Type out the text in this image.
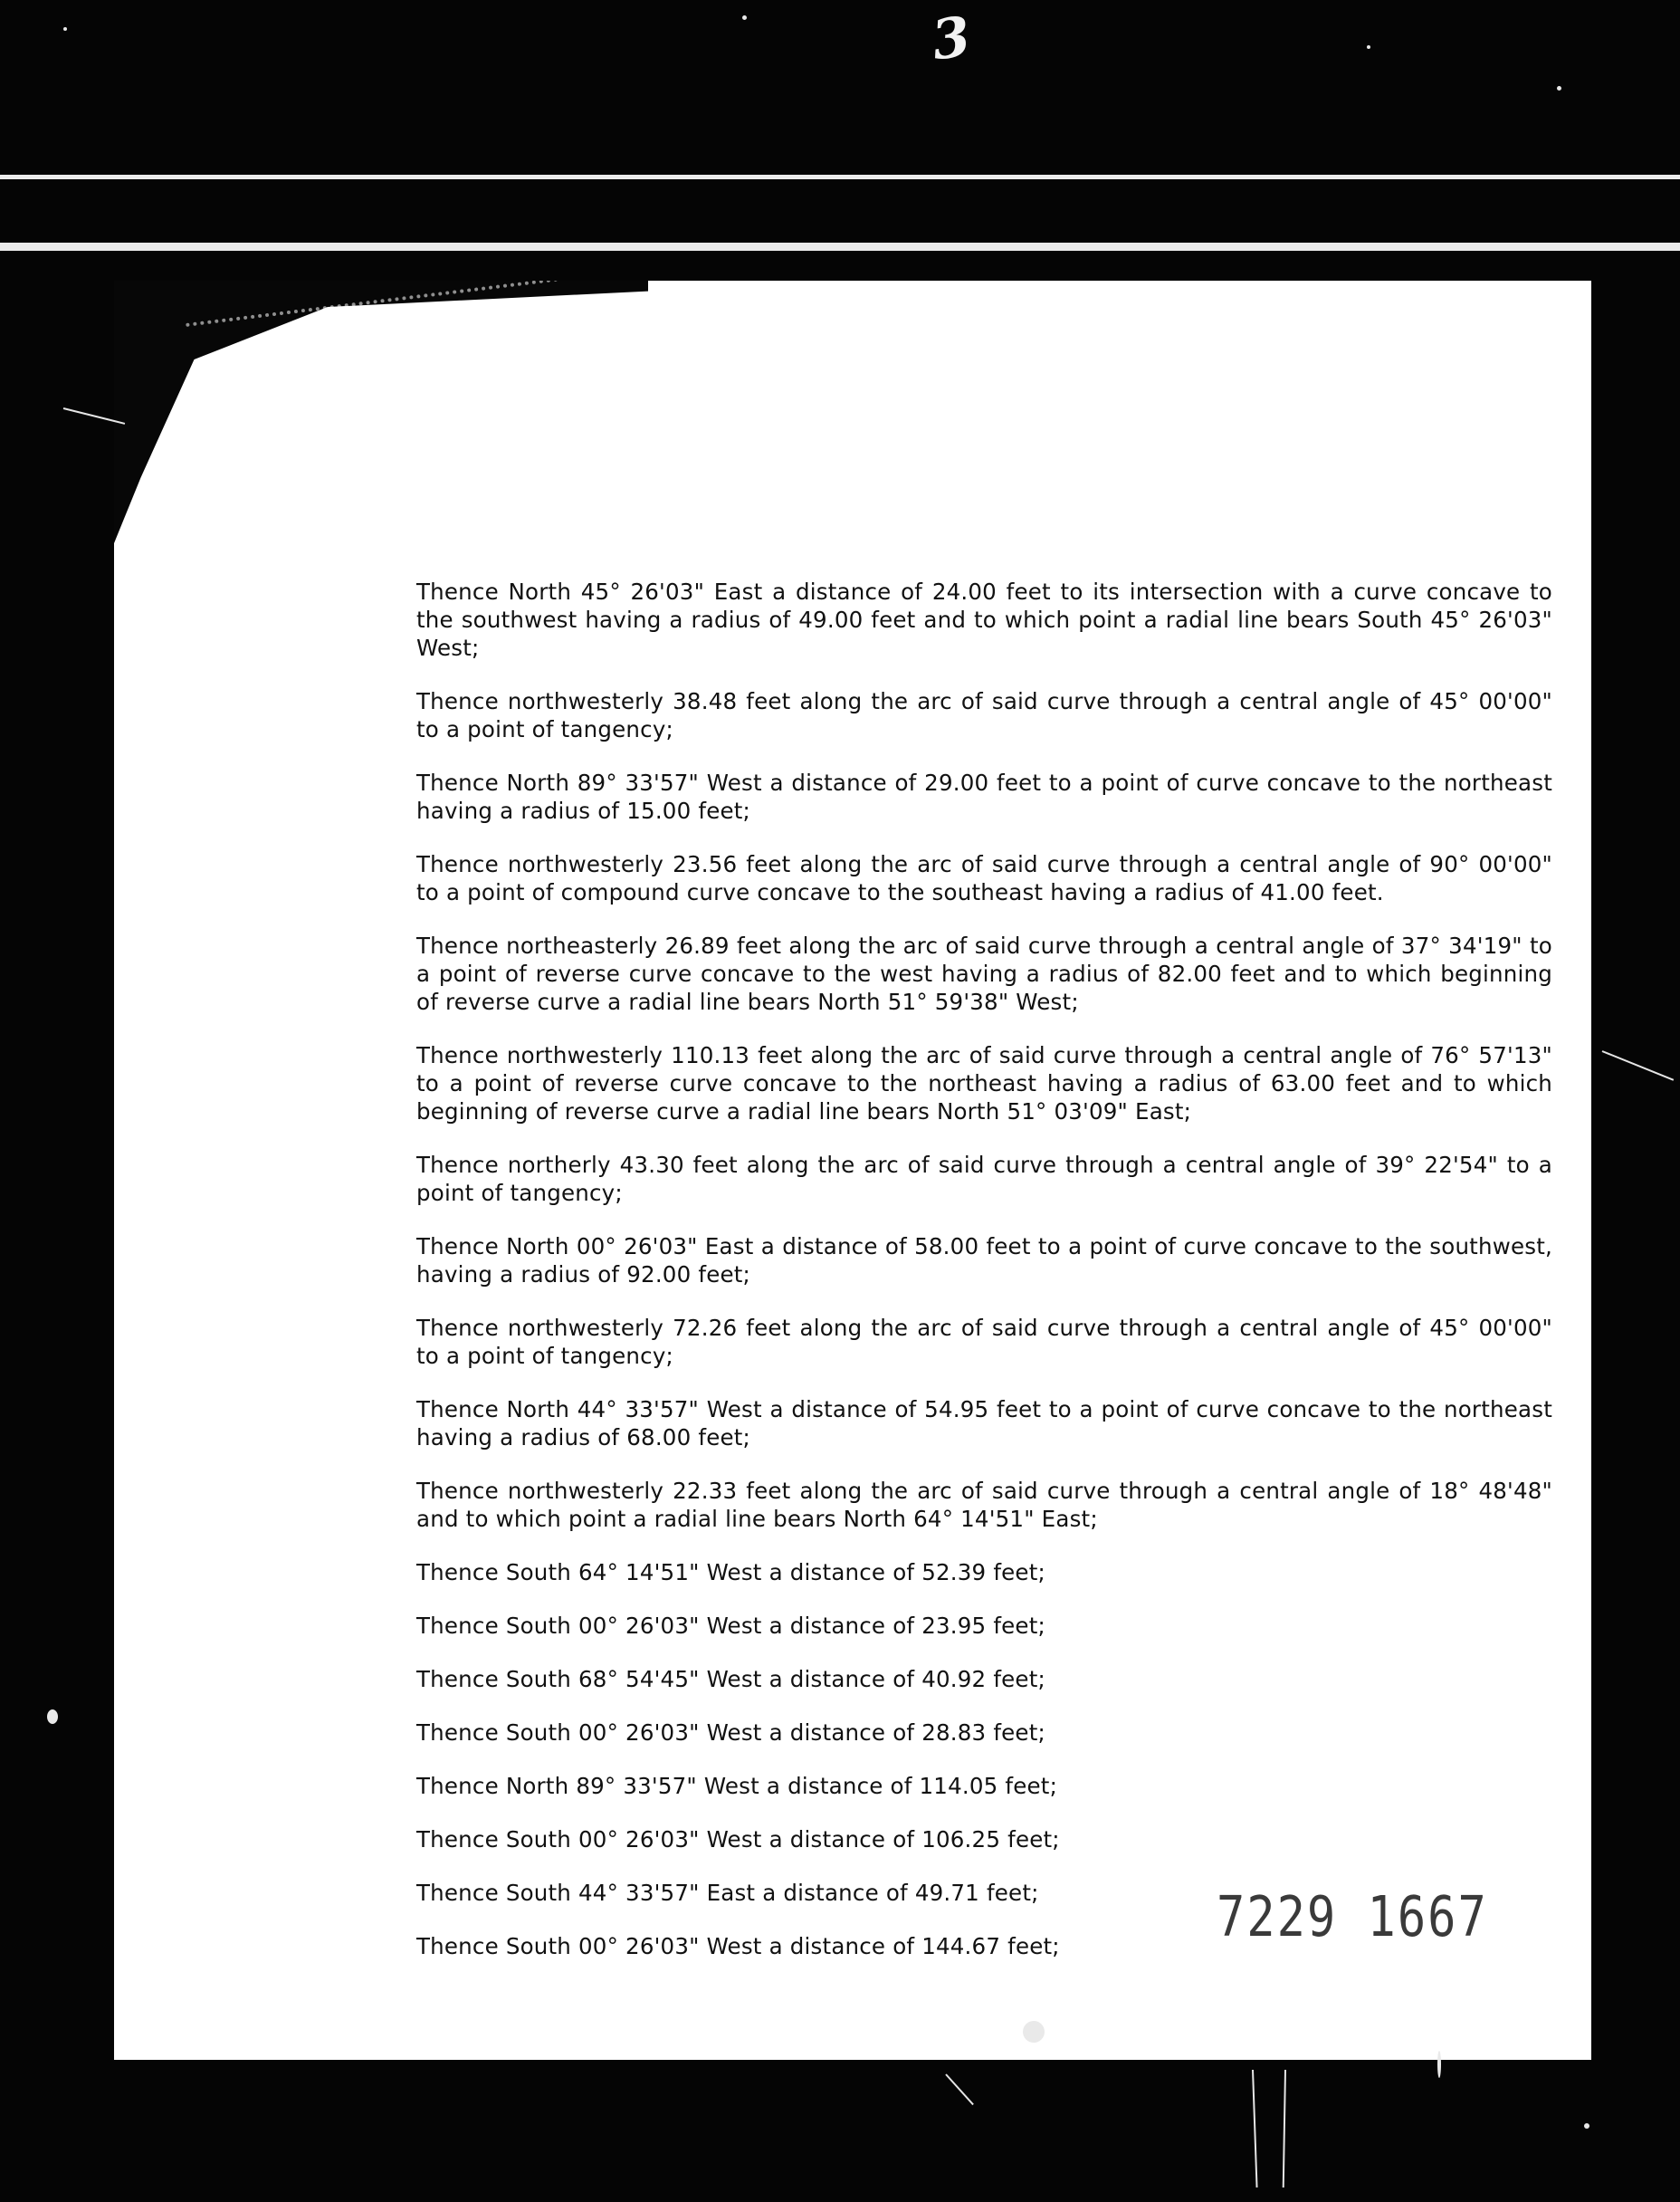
3

Thence North 45° 26'03" East a distance of 24.00 feet to its intersection with a curve concave to the southwest having a radius of 49.00 feet and to which point a radial line bears South 45° 26'03" West;

Thence northwesterly 38.48 feet along the arc of said curve through a central angle of 45° 00'00" to a point of tangency;

Thence North 89° 33'57" West a distance of 29.00 feet to a point of curve concave to the northeast having a radius of 15.00 feet;

Thence northwesterly 23.56 feet along the arc of said curve through a central angle of 90° 00'00" to a point of compound curve concave to the southeast having a radius of 41.00 feet.

Thence northeasterly 26.89 feet along the arc of said curve through a central angle of 37° 34'19" to a point of reverse curve concave to the west having a radius of 82.00 feet and to which beginning of reverse curve a radial line bears North 51° 59'38" West;

Thence northwesterly 110.13 feet along the arc of said curve through a central angle of 76° 57'13" to a point of reverse curve concave to the northeast having a radius of 63.00 feet and to which beginning of reverse curve a radial line bears North 51° 03'09" East;

Thence northerly 43.30 feet along the arc of said curve through a central angle of 39° 22'54" to a point of tangency;

Thence North 00° 26'03" East a distance of 58.00 feet to a point of curve concave to the southwest, having a radius of 92.00 feet;

Thence northwesterly 72.26 feet along the arc of said curve through a central angle of 45° 00'00" to a point of tangency;

Thence North 44° 33'57" West a distance of 54.95 feet to a point of curve concave to the northeast having a radius of 68.00 feet;

Thence northwesterly 22.33 feet along the arc of said curve through a central angle of 18° 48'48" and to which point a radial line bears North 64° 14'51" East;

Thence South 64° 14'51" West a distance of 52.39 feet;

Thence South 00° 26'03" West a distance of 23.95 feet;

Thence South 68° 54'45" West a distance of 40.92 feet;

Thence South 00° 26'03" West a distance of 28.83 feet;

Thence North 89° 33'57" West a distance of 114.05 feet;

Thence South 00° 26'03" West a distance of 106.25 feet;

Thence South 44° 33'57" East a distance of 49.71 feet;

Thence South 00° 26'03" West a distance of 144.67 feet;	7229 1667
